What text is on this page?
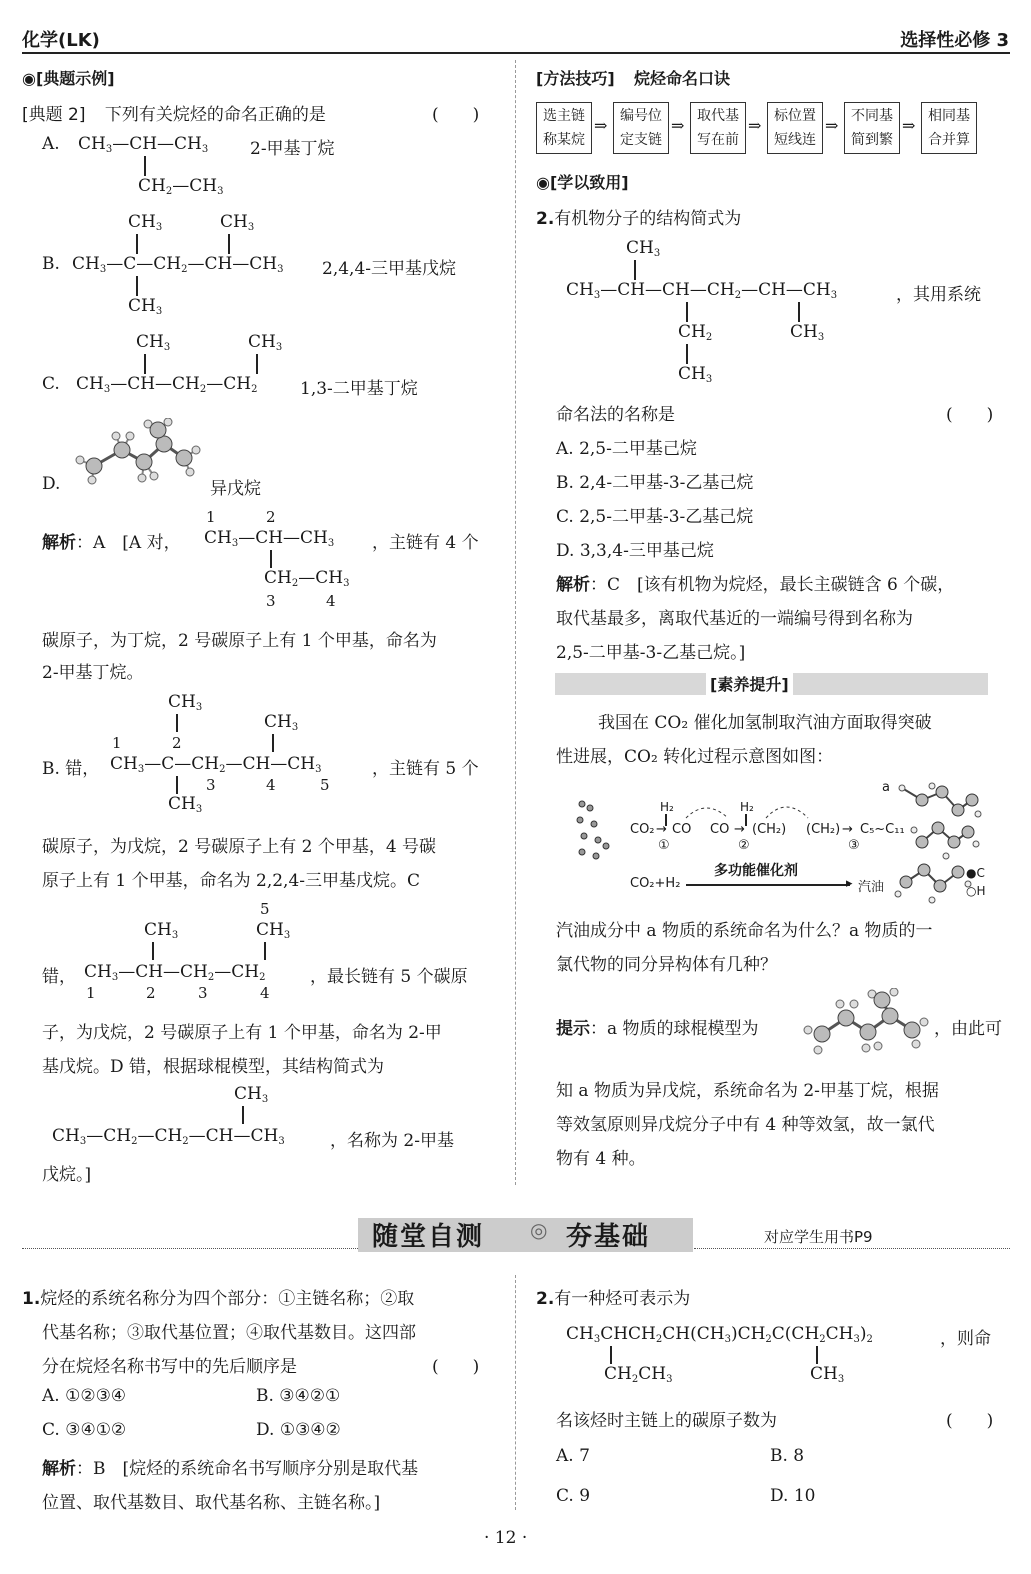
化学(LK)	选择性必修 3
◉[典题示例]
[典题 2] 下列有关烷烃的命名正确的是	(　　)
A. $CH_3—CH—CH_3$
$CH_2—CH_3$
2-甲基丁烷
$CH_3$	$CH_3$
B. $CH_3—C—CH_2—CH—CH_3$
$CH_3$
2,4,4-三甲基戊烷
$CH_3$	$CH_3$
C. $CH_3—CH—CH_2—CH_2$	1,3-二甲基丁烷
D.	异戊烷
1	2
解析：A　[A 对， $CH_3—CH—CH_3$
$CH_2—CH_3$
3	4
，主链有 4 个
碳原子，为丁烷，2 号碳原子上有 1 个甲基，命名为
2-甲基丁烷。
$CH_3$
$CH_3$
1	2
B. 错， $CH_3—C—CH_2—CH—CH_3$
$CH_3$
3	4	5
，主链有 5 个
碳原子，为戊烷，2 号碳原子上有 2 个甲基，4 号碳
原子上有 1 个甲基，命名为 2,2,4-三甲基戊烷。C
5
$CH_3$	$CH_3$
错， $CH_3—CH—CH_2—CH_2$
1	2	3	4
，最长链有 5 个碳原
子，为戊烷，2 号碳原子上有 1 个甲基，命名为 2-甲
基戊烷。D 错，根据球棍模型，其结构简式为
$CH_3$
$CH_3—CH_2—CH_2—CH—CH_3$	，名称为 2-甲基
戊烷。]
[方法技巧] 烷烃命名口诀
选主链
称某烷
⇒ 编号位
定支链
⇒ 取代基
写在前
⇒ 标位置
短线连
⇒ 不同基
简到繁
⇒ 相同基
合并算
◉[学以致用]
2.有机物分子的结构简式为
$CH_3$
$CH_3—CH—CH—CH_2—CH—CH_3$
$CH_2$	$CH_3$
$CH_3$
，其用系统
命名法的名称是	(　　)
A. 2,5-二甲基己烷
B. 2,4-二甲基-3-乙基己烷
C. 2,5-二甲基-3-乙基己烷
D. 3,3,4-三甲基己烷
解析：C　[该有机物为烷烃，最长主碳链含 6 个碳，
取代基最多，离取代基近的一端编号得到名称为
2,5-二甲基-3-乙基己烷。]
[素养提升]
我国在 CO₂ 催化加氢制取汽油方面取得突破
性进展，CO₂ 转化过程示意图如图：
CO₂
H₂
→ CO
①
CO
H₂
→ (CH₂)
②
(CH₂) →
③
C₅~C₁₁
a
CO₂+H₂
多功能催化剂
▸ 汽油
●C
○H
汽油成分中 a 物质的系统命名为什么？a 物质的一
氯代物的同分异构体有几种？
提示：a 物质的球棍模型为	，由此可
知 a 物质为异戊烷，系统命名为 2-甲基丁烷，根据
等效氢原则异戊烷分子中有 4 种等效氢，故一氯代
物有 4 种。
随堂自测 ◎ 夯基础	对应学生用书P9
1.烷烃的系统名称分为四个部分：①主链名称；②取
代基名称；③取代基位置；④取代基数目。这四部
分在烷烃名称书写中的先后顺序是	(　　)
A. ①②③④	B. ③④②①
C. ③④①②	D. ①③④②
解析：B　[烷烃的系统命名书写顺序分别是取代基
位置、取代基数目、取代基名称、主链名称。]
2.有一种烃可表示为
$CH_3CHCH_2CH(CH_3)CH_2C(CH_2CH_3)_2$
$CH_2CH_3$	$CH_3$
，则命
名该烃时主链上的碳原子数为	(　　)
A. 7	B. 8
C. 9	D. 10
· 12 ·
